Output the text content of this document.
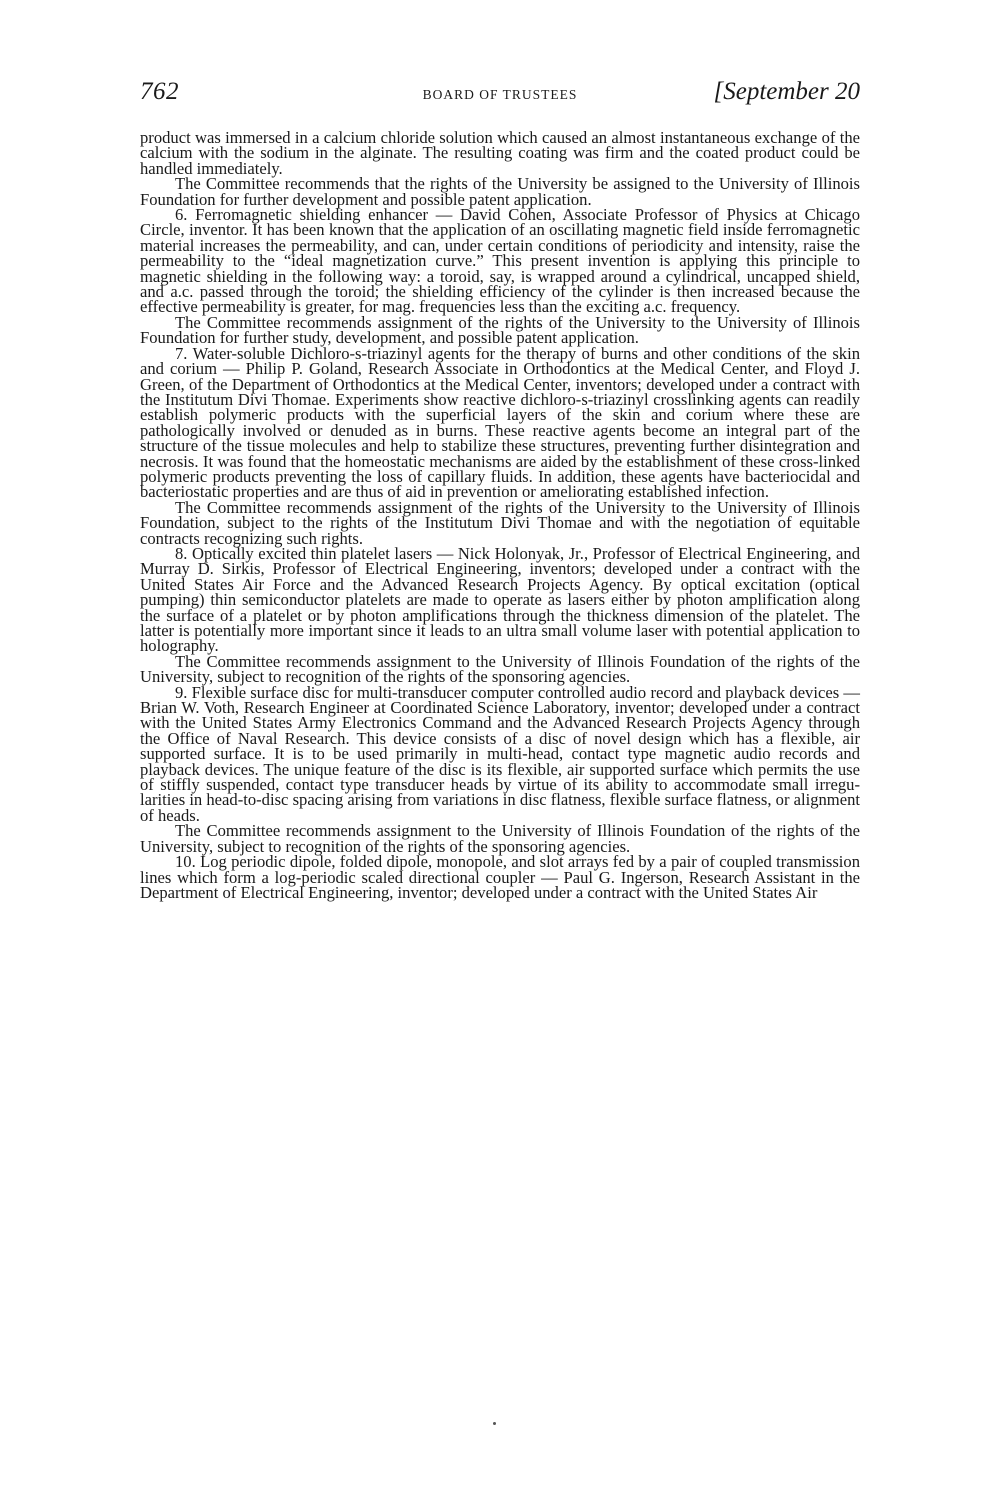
762	BOARD OF TRUSTEES	[September 20

product was immersed in a calcium chloride solution which caused an almost instantaneous exchange of the calcium with the sodium in the alginate. The resulting coating was firm and the coated product could be handled immediately.

The Committee recommends that the rights of the University be assigned to the University of Illinois Foundation for further development and possible patent application.

6. Ferromagnetic shielding enhancer — David Cohen, Associate Professor of Physics at Chicago Circle, inventor. It has been known that the application of an oscillating magnetic field inside ferromagnetic material increases the permeability, and can, under certain conditions of periodicity and intensity, raise the permeability to the “ideal magnetization curve.” This present invention is applying this principle to magnetic shielding in the following way: a toroid, say, is wrapped around a cylindrical, uncapped shield, and a.c. passed through the toroid; the shielding efficiency of the cylinder is then increased because the effective permeability is greater, for mag. frequencies less than the exciting a.c. frequency.

The Committee recommends assignment of the rights of the University to the University of Illinois Foundation for further study, development, and possible patent application.

7. Water-soluble Dichloro-s-triazinyl agents for the therapy of burns and other conditions of the skin and corium — Philip P. Goland, Research Associate in Orthodontics at the Medical Center, and Floyd J. Green, of the Department of Orthodontics at the Medical Center, inventors; developed under a contract with the Institutum Divi Thomae. Experiments show reactive dichloro-s-triazinyl crosslinking agents can readily establish polymeric products with the superficial layers of the skin and corium where these are pathologically involved or denuded as in burns. These reactive agents become an integral part of the structure of the tissue molecules and help to stabilize these structures, preventing further disintegration and necrosis. It was found that the homeostatic mechanisms are aided by the establishment of these cross-linked polymeric products preventing the loss of capillary fluids. In addition, these agents have bacteriocidal and bacteriostatic properties and are thus of aid in prevention or ameliorating established infection.

The Committee recommends assignment of the rights of the University to the University of Illinois Foundation, subject to the rights of the Institutum Divi Thomae and with the negotiation of equitable contracts recognizing such rights.

8. Optically excited thin platelet lasers — Nick Holonyak, Jr., Professor of Electrical Engineering, and Murray D. Sirkis, Professor of Electrical Engineering, inventors; developed under a contract with the United States Air Force and the Advanced Research Projects Agency. By optical excitation (optical pumping) thin semiconductor platelets are made to operate as lasers either by photon amplification along the surface of a platelet or by photon amplifications through the thickness dimension of the platelet. The latter is potentially more important since it leads to an ultra small volume laser with potential application to holography.

The Committee recommends assignment to the University of Illinois Foundation of the rights of the University, subject to recognition of the rights of the sponsoring agencies.

9. Flexible surface disc for multi-transducer computer controlled audio record and playback devices — Brian W. Voth, Research Engineer at Coordinated Science Laboratory, inventor; developed under a contract with the United States Army Electronics Command and the Advanced Research Projects Agency through the Office of Naval Research. This device consists of a disc of novel design which has a flexible, air supported surface. It is to be used primarily in multi-head, contact type magnetic audio records and playback devices. The unique feature of the disc is its flexible, air supported surface which permits the use of stiffly suspended, contact type transducer heads by virtue of its ability to accommodate small irregularities in head-to-disc spacing arising from variations in disc flatness, flexible surface flatness, or alignment of heads.

The Committee recommends assignment to the University of Illinois Foundation of the rights of the University, subject to recognition of the rights of the sponsoring agencies.

10. Log periodic dipole, folded dipole, monopole, and slot arrays fed by a pair of coupled transmission lines which form a log-periodic scaled directional coupler — Paul G. Ingerson, Research Assistant in the Department of Electrical Engineering, inventor; developed under a contract with the United States Air
